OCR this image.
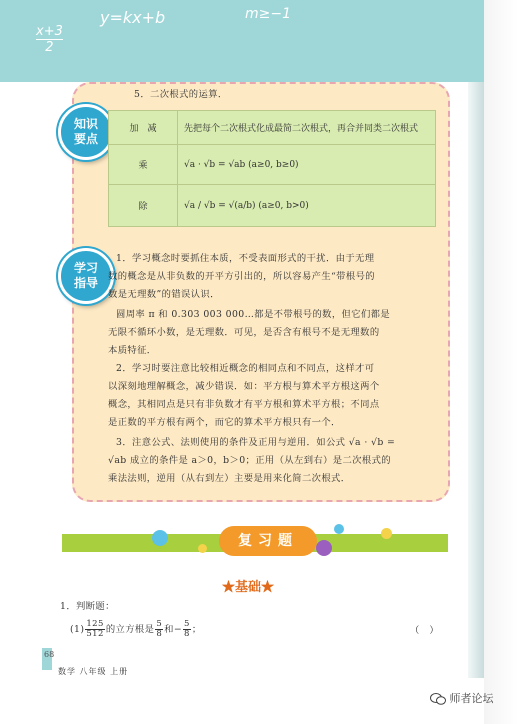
x+3
2
y=kx+b	m≥−1
知识
要点
学习
指导
5．二次根式的运算．
加　减	先把每个二次根式化成最简二次根式，再合并同类二次根式
乘	√a · √b = √ab (a≥0, b≥0)
除	√a / √b = √(a/b) (a≥0, b>0)
1．学习概念时要抓住本质，不受表面形式的干扰．由于无理
数的概念是从非负数的开平方引出的，所以容易产生“带根号的
数是无理数”的错误认识．
圆周率 π 和 0.303 003 000…都是不带根号的数，但它们都是
无限不循环小数，是无理数．可见，是否含有根号不是无理数的
本质特征．
2．学习时要注意比较相近概念的相同点和不同点，这样才可
以深刻地理解概念，减少错误．如：平方根与算术平方根这两个
概念，其相同点是只有非负数才有平方根和算术平方根；不同点
是正数的平方根有两个，而它的算术平方根只有一个．
3．注意公式、法则使用的条件及正用与逆用．如公式 √a · √b =
√ab 成立的条件是 a＞0，b＞0；正用（从左到右）是二次根式的
乘法法则，逆用（从右到左）主要是用来化简二次根式．
复习题
★基础★
1．判断题：
$(1) \frac{125}{512}$ 的立方根是 $\frac{5}{8}$ 和 − $\frac{5}{8}$ ；	（　）
68
数学 八年级 上册
师者论坛
